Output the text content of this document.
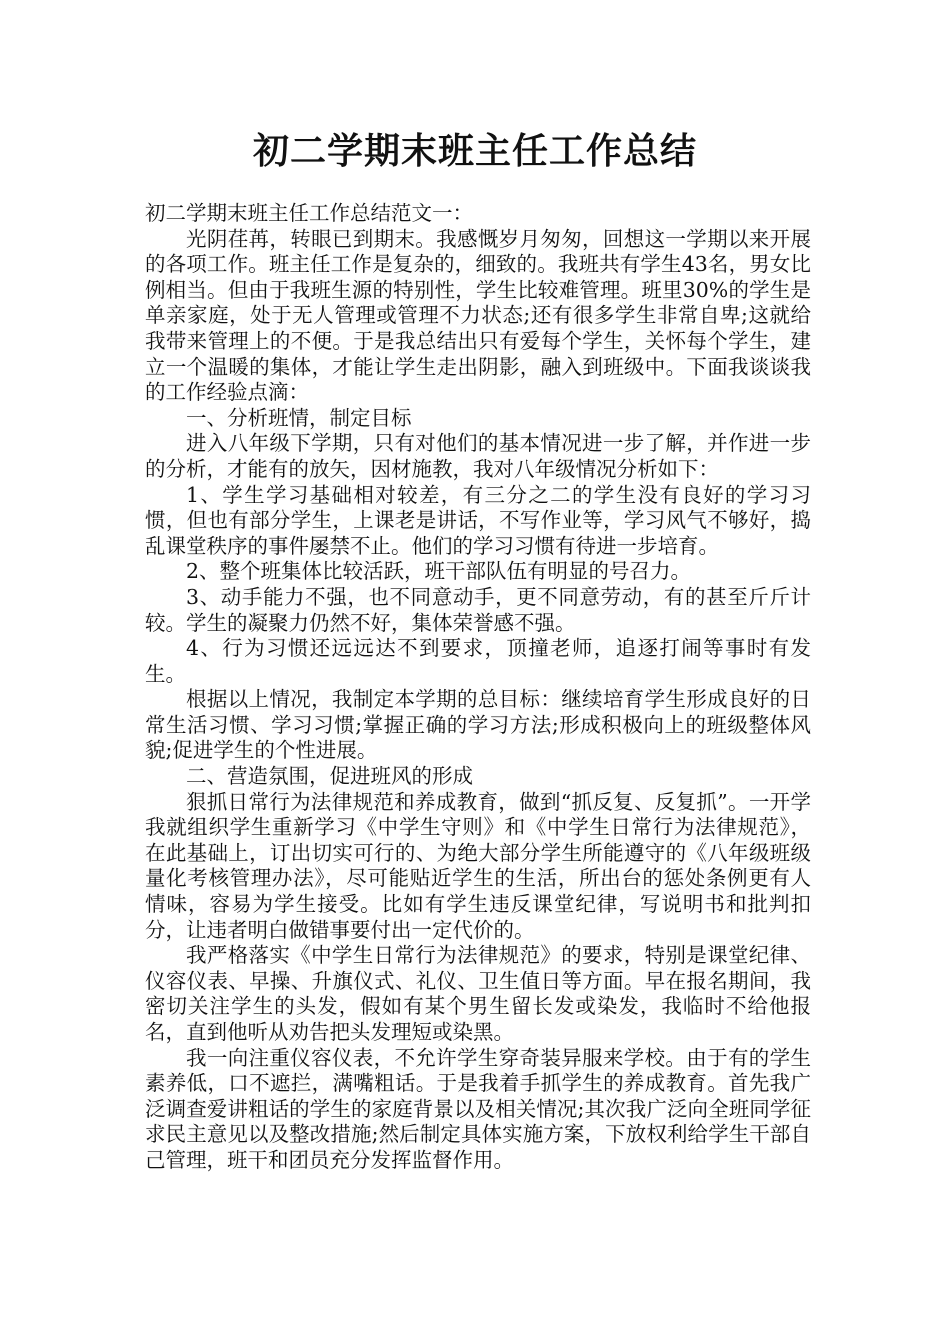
初二学期末班主任工作总结

初二学期末班主任工作总结范文一：

光阴荏苒，转眼已到期末。我感慨岁月匆匆，回想这一学期以来开展的各项工作。班主任工作是复杂的，细致的。我班共有学生43名，男女比例相当。但由于我班生源的特别性，学生比较难管理。班里30%的学生是单亲家庭，处于无人管理或管理不力状态;还有很多学生非常自卑;这就给我带来管理上的不便。于是我总结出只有爱每个学生，关怀每个学生，建立一个温暖的集体，才能让学生走出阴影，融入到班级中。下面我谈谈我的工作经验点滴：

一、分析班情，制定目标

进入八年级下学期，只有对他们的基本情况进一步了解，并作进一步的分析，才能有的放矢，因材施教，我对八年级情况分析如下：

1、学生学习基础相对较差，有三分之二的学生没有良好的学习习惯，但也有部分学生，上课老是讲话，不写作业等，学习风气不够好，捣乱课堂秩序的事件屡禁不止。他们的学习习惯有待进一步培育。

2、整个班集体比较活跃，班干部队伍有明显的号召力。

3、动手能力不强，也不同意动手，更不同意劳动，有的甚至斤斤计较。学生的凝聚力仍然不好，集体荣誉感不强。

4、行为习惯还远远达不到要求，顶撞老师，追逐打闹等事时有发生。

根据以上情况，我制定本学期的总目标：继续培育学生形成良好的日常生活习惯、学习习惯;掌握正确的学习方法;形成积极向上的班级整体风貌;促进学生的个性进展。

二、营造氛围，促进班风的形成

狠抓日常行为法律规范和养成教育，做到“抓反复、反复抓”。一开学我就组织学生重新学习《中学生守则》和《中学生日常行为法律规范》，在此基础上，订出切实可行的、为绝大部分学生所能遵守的《八年级班级量化考核管理办法》，尽可能贴近学生的生活，所出台的惩处条例更有人情味，容易为学生接受。比如有学生违反课堂纪律，写说明书和批判扣分，让违者明白做错事要付出一定代价的。

我严格落实《中学生日常行为法律规范》的要求，特别是课堂纪律、仪容仪表、早操、升旗仪式、礼仪、卫生值日等方面。早在报名期间，我密切关注学生的头发，假如有某个男生留长发或染发，我临时不给他报名，直到他听从劝告把头发理短或染黑。

我一向注重仪容仪表，不允许学生穿奇装异服来学校。由于有的学生素养低，口不遮拦，满嘴粗话。于是我着手抓学生的养成教育。首先我广泛调查爱讲粗话的学生的家庭背景以及相关情况;其次我广泛向全班同学征求民主意见以及整改措施;然后制定具体实施方案，下放权利给学生干部自己管理，班干和团员充分发挥监督作用。
